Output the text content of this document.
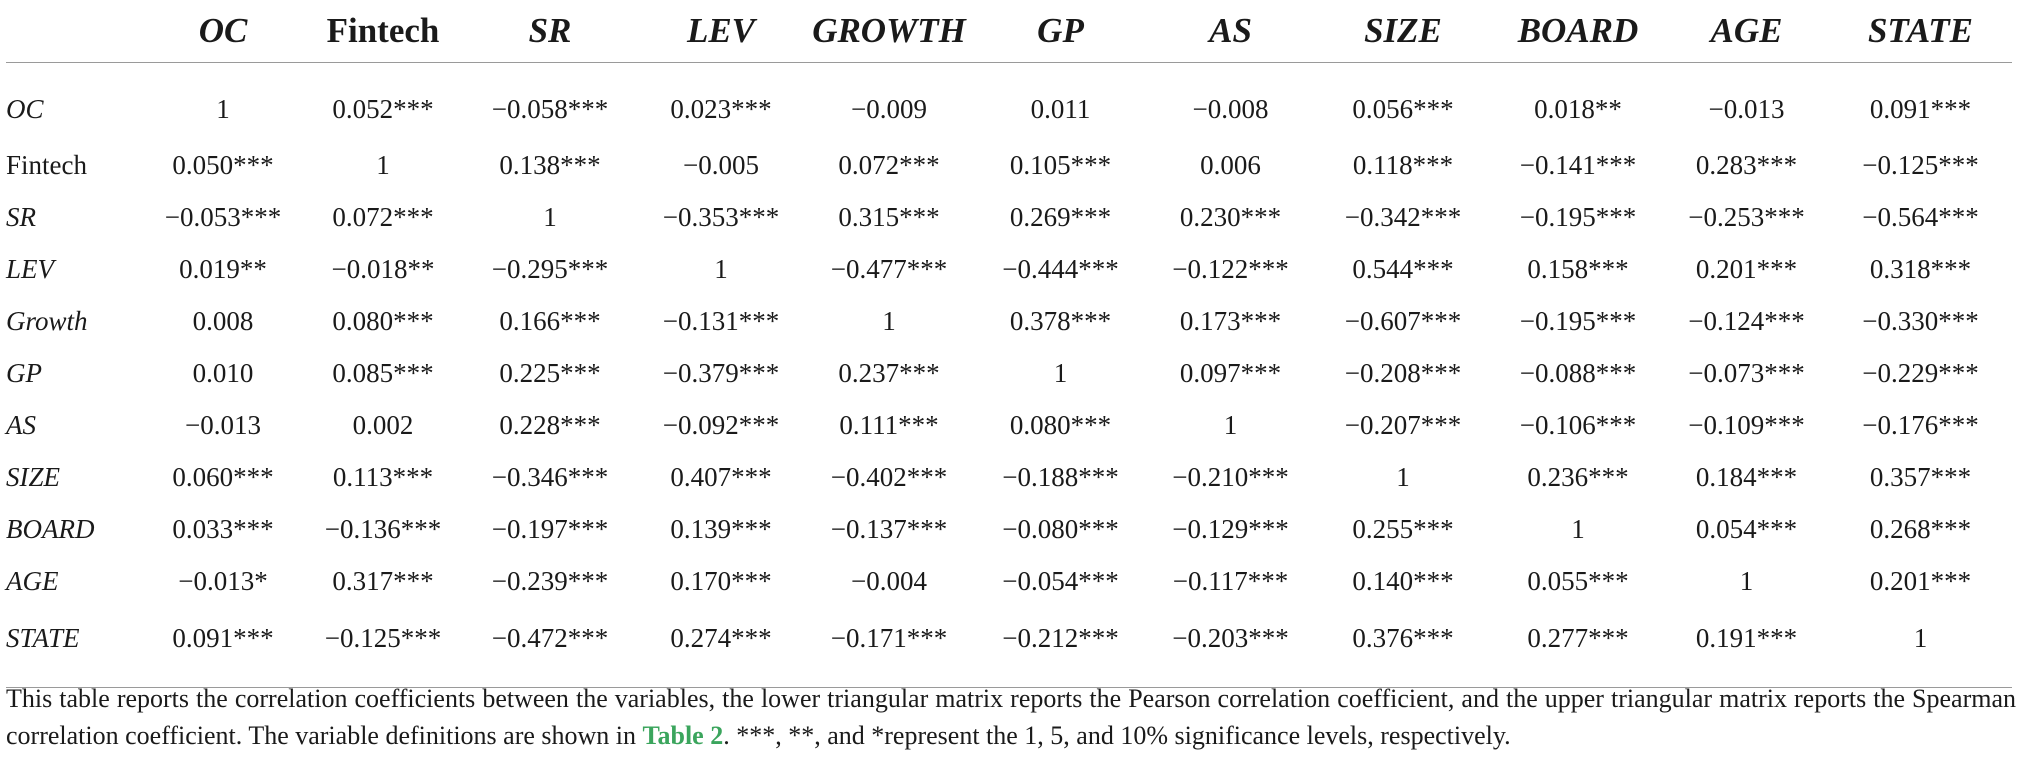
	OC	Fintech	SR	LEV	GROWTH	GP	AS	SIZE	BOARD	AGE	STATE
OC	1	0.052***	−0.058***	0.023***	−0.009	0.011	−0.008	0.056***	0.018**	−0.013	0.091***
Fintech	0.050***	1	0.138***	−0.005	0.072***	0.105***	0.006	0.118***	−0.141***	0.283***	−0.125***
SR	−0.053***	0.072***	1	−0.353***	0.315***	0.269***	0.230***	−0.342***	−0.195***	−0.253***	−0.564***
LEV	0.019**	−0.018**	−0.295***	1	−0.477***	−0.444***	−0.122***	0.544***	0.158***	0.201***	0.318***
Growth	0.008	0.080***	0.166***	−0.131***	1	0.378***	0.173***	−0.607***	−0.195***	−0.124***	−0.330***
GP	0.010	0.085***	0.225***	−0.379***	0.237***	1	0.097***	−0.208***	−0.088***	−0.073***	−0.229***
AS	−0.013	0.002	0.228***	−0.092***	0.111***	0.080***	1	−0.207***	−0.106***	−0.109***	−0.176***
SIZE	0.060***	0.113***	−0.346***	0.407***	−0.402***	−0.188***	−0.210***	1	0.236***	0.184***	0.357***
BOARD	0.033***	−0.136***	−0.197***	0.139***	−0.137***	−0.080***	−0.129***	0.255***	1	0.054***	0.268***
AGE	−0.013*	0.317***	−0.239***	0.170***	−0.004	−0.054***	−0.117***	0.140***	0.055***	1	0.201***
STATE	0.091***	−0.125***	−0.472***	0.274***	−0.171***	−0.212***	−0.203***	0.376***	0.277***	0.191***	1

This table reports the correlation coefficients between the variables, the lower triangular matrix reports the Pearson correlation coefficient, and the upper triangular matrix reports the Spearman correlation coefficient. The variable definitions are shown in Table 2. ***, **, and *represent the 1, 5, and 10% significance levels, respectively.
